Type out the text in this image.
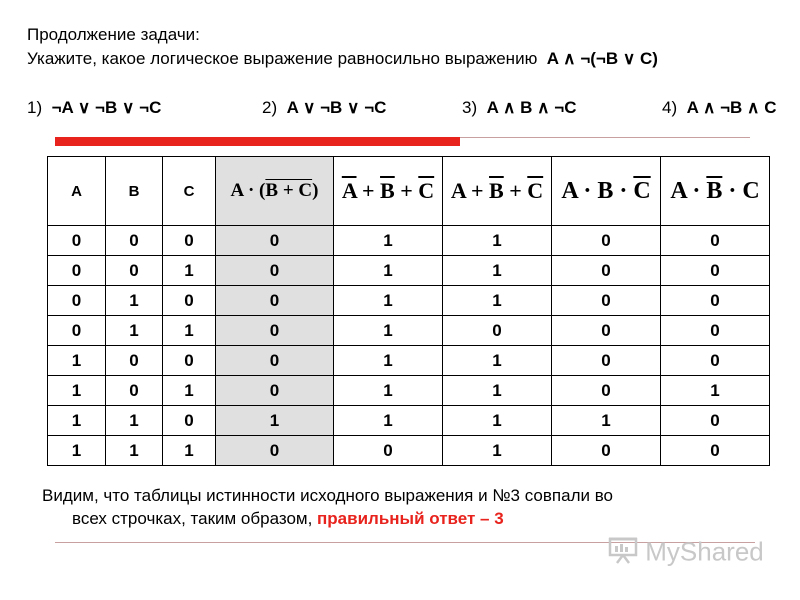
Продолжение задачи:
Укажите, какое логическое выражение равносильно выражению A ∧ ¬(¬B ∨ C)
1) ¬A ∨ ¬B ∨ ¬C	2) A ∨ ¬B ∨ ¬C	3) A ∧ B ∧ ¬C	4) A ∧ ¬B ∧ C
A	B	C	A · (B + C)	$\overline{A} + \overline{B} + \overline{C}$	$A + \overline{B} + \overline{C}$	$A \cdot B \cdot \overline{C}$	$A \cdot \overline{B} \cdot C$
0	0	0	0	1	1	0	0
0	0	1	0	1	1	0	0
0	1	0	0	1	1	0	0
0	1	1	0	1	0	0	0
1	0	0	0	1	1	0	0
1	0	1	0	1	1	0	1
1	1	0	1	1	1	1	0
1	1	1	0	0	1	0	0
Видим, что таблицы истинности исходного выражения и №3 совпали во
всех строчках, таким образом, правильный ответ – 3
MyShared
